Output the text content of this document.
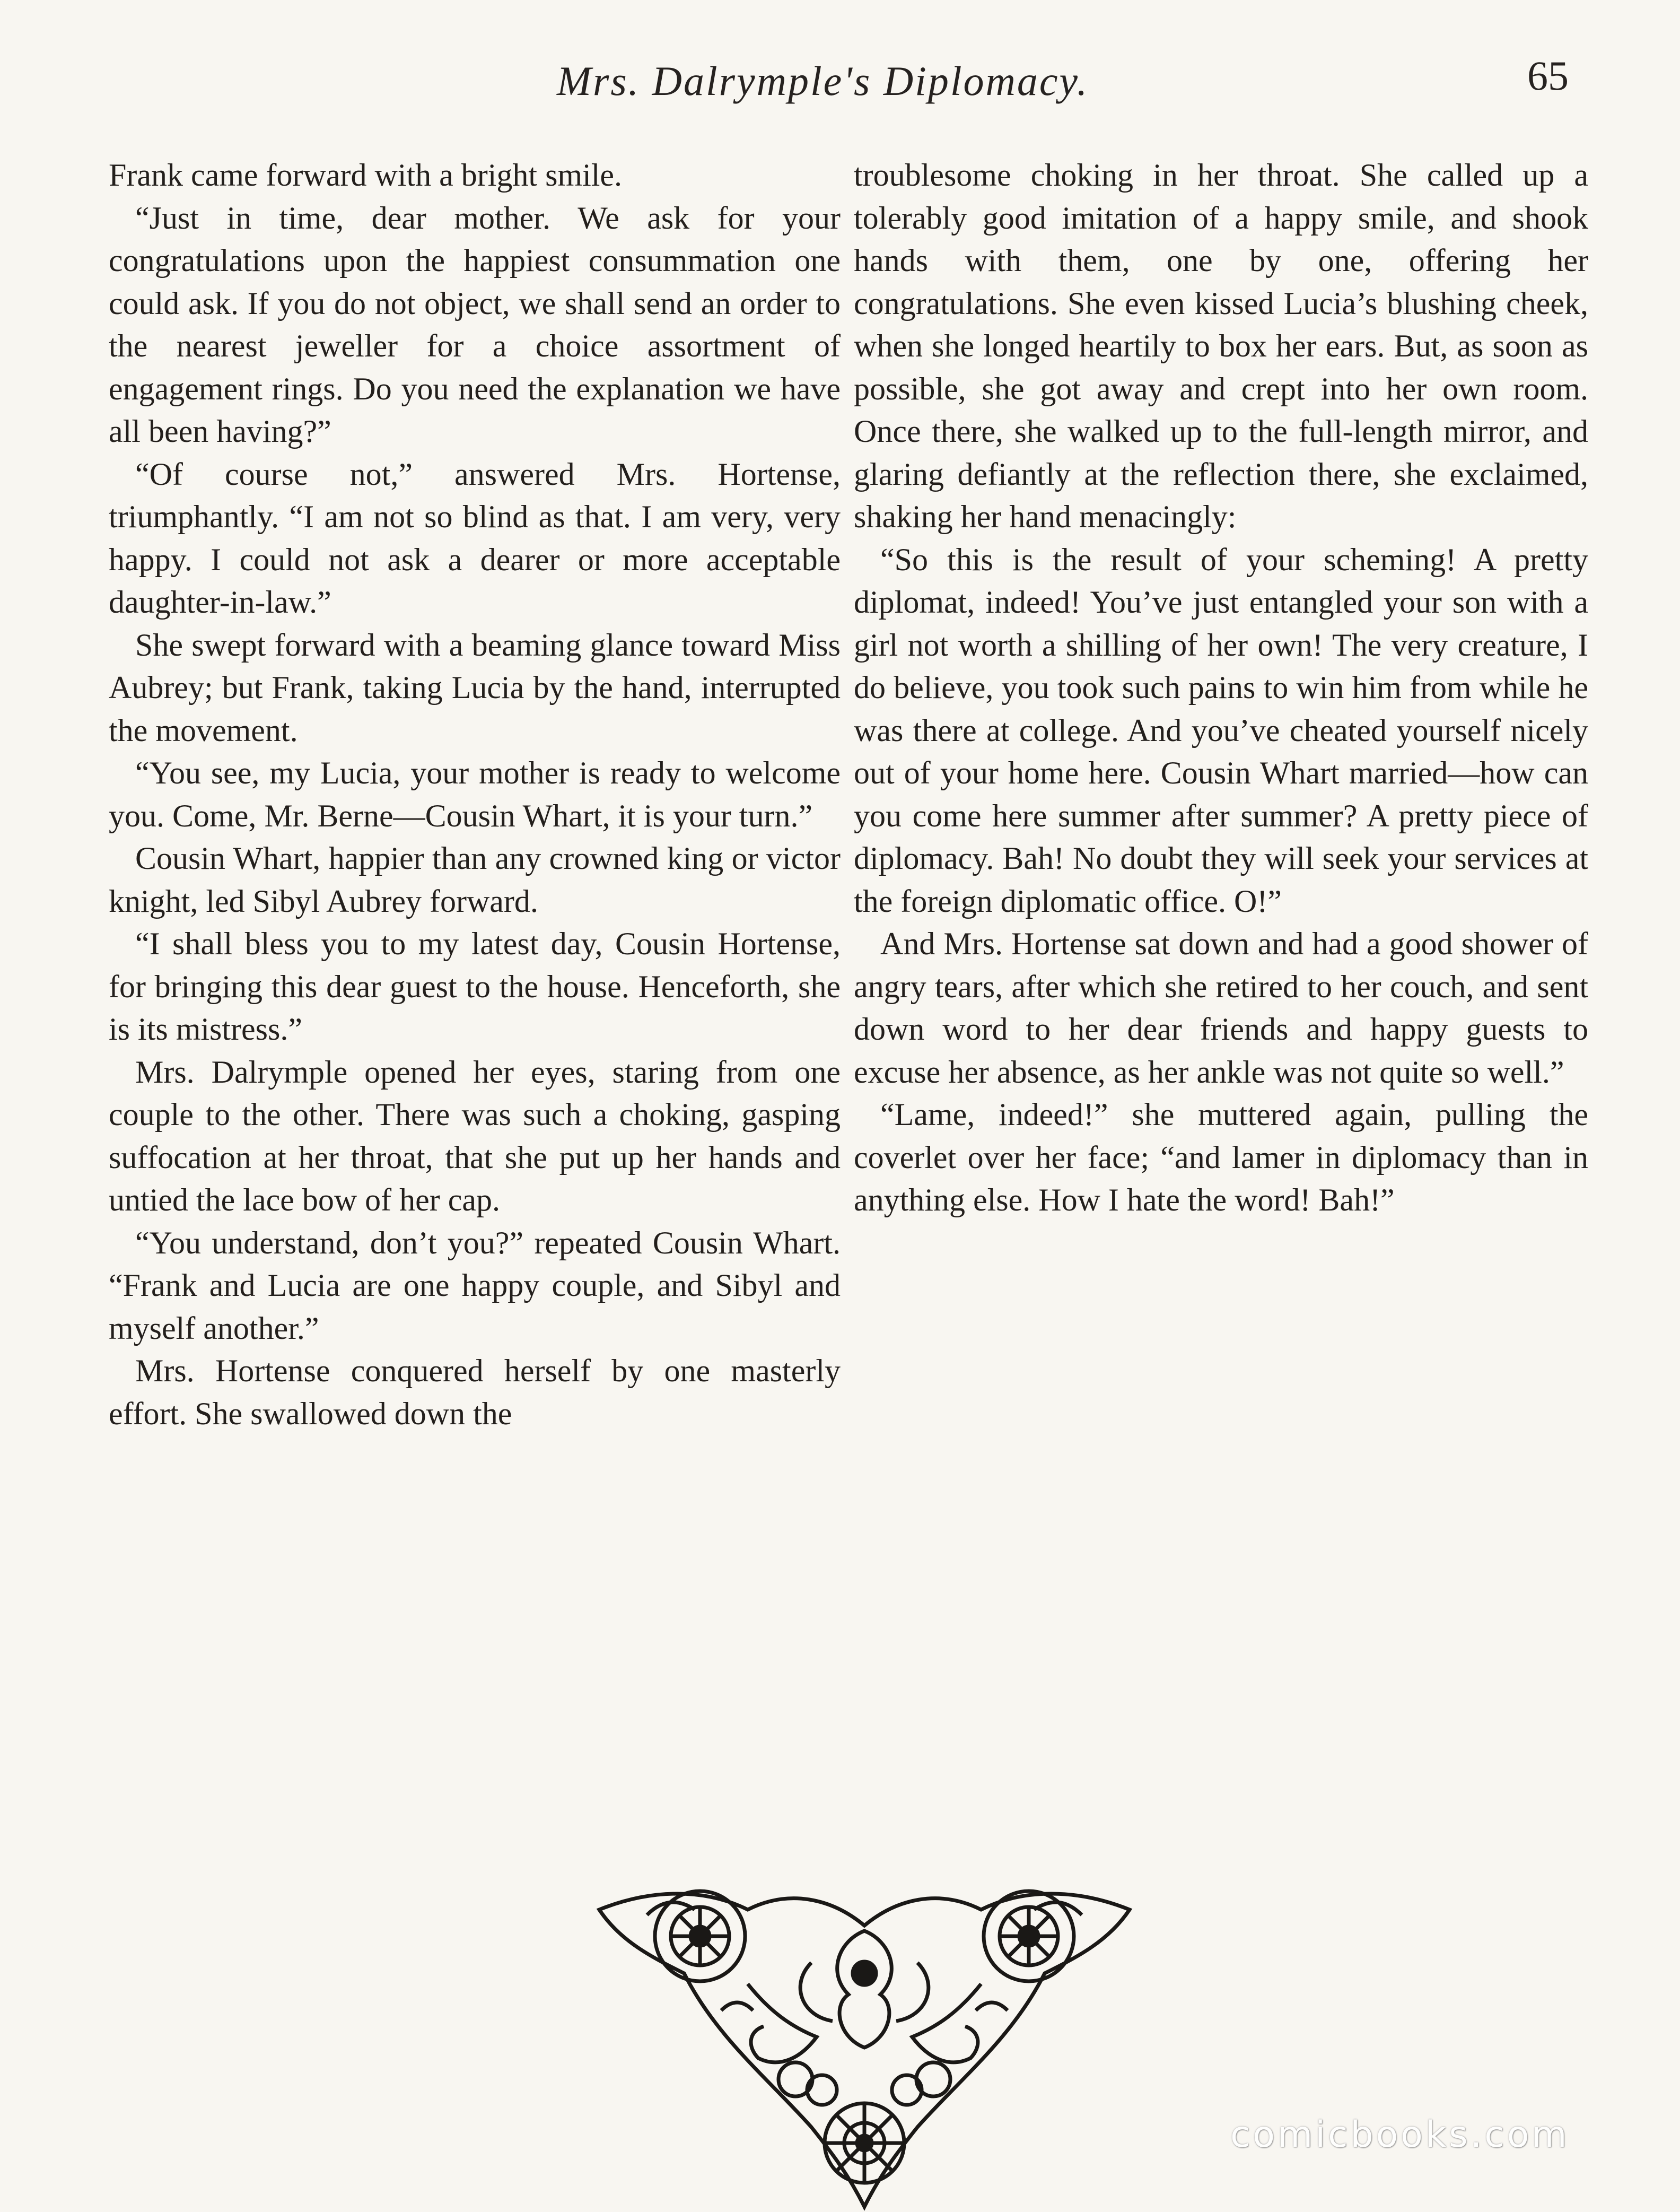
Mrs. Dalrymple's Diplomacy.	65

Frank came forward with a bright smile.

“Just in time, dear mother. We ask for your congratulations upon the happiest consummation one could ask. If you do not object, we shall send an order to the nearest jeweller for a choice assortment of engagement rings. Do you need the explanation we have all been having?”

“Of course not,” answered Mrs. Hortense, triumphantly. “I am not so blind as that. I am very, very happy. I could not ask a dearer or more acceptable daughter-in-law.”

She swept forward with a beaming glance toward Miss Aubrey; but Frank, taking Lucia by the hand, interrupted the movement.

“You see, my Lucia, your mother is ready to welcome you. Come, Mr. Berne—Cousin Whart, it is your turn.”

Cousin Whart, happier than any crowned king or victor knight, led Sibyl Aubrey forward.

“I shall bless you to my latest day, Cousin Hortense, for bringing this dear guest to the house. Henceforth, she is its mistress.”

Mrs. Dalrymple opened her eyes, staring from one couple to the other. There was such a choking, gasping suffocation at her throat, that she put up her hands and untied the lace bow of her cap.

“You understand, don’t you?” repeated Cousin Whart. “Frank and Lucia are one happy couple, and Sibyl and myself another.”

Mrs. Hortense conquered herself by one masterly effort. She swallowed down the

troublesome choking in her throat. She called up a tolerably good imitation of a happy smile, and shook hands with them, one by one, offering her congratulations. She even kissed Lucia’s blushing cheek, when she longed heartily to box her ears. But, as soon as possible, she got away and crept into her own room. Once there, she walked up to the full-length mirror, and glaring defiantly at the reflection there, she exclaimed, shaking her hand menacingly:

“So this is the result of your scheming! A pretty diplomat, indeed! You’ve just entangled your son with a girl not worth a shilling of her own! The very creature, I do believe, you took such pains to win him from while he was there at college. And you’ve cheated yourself nicely out of your home here. Cousin Whart married—how can you come here summer after summer? A pretty piece of diplomacy. Bah! No doubt they will seek your services at the foreign diplomatic office. O!”

And Mrs. Hortense sat down and had a good shower of angry tears, after which she retired to her couch, and sent down word to her dear friends and happy guests to excuse her absence, as her ankle was not quite so well.”

“Lame, indeed!” she muttered again, pulling the coverlet over her face; “and lamer in diplomacy than in anything else. How I hate the word! Bah!”

comicbooks.com
